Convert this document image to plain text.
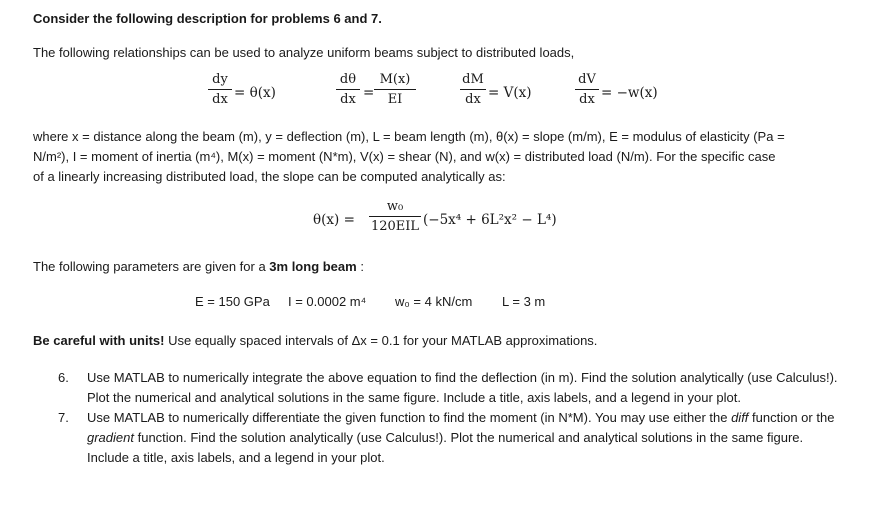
Consider the following description for problems 6 and 7.
The following relationships can be used to analyze uniform beams subject to distributed loads,
dy
dx = θ(x)
dθ
dx =
M(x)
EI
dM
dx = V(x)
dV
dx = −w(x)
where x = distance along the beam (m), y = deflection (m), L = beam length (m), θ(x) = slope (m/m), E = modulus of elasticity (Pa =
N/m²), I = moment of inertia (m⁴), M(x) = moment (N*m), V(x) = shear (N), and w(x) = distributed load (N/m). For the specific case
of a linearly increasing distributed load, the slope can be computed analytically as:
θ(x) =
w₀
120EIL (−5x⁴ + 6L²x² − L⁴)
The following parameters are given for a 3m long beam :
E = 150 GPa I = 0.0002 m⁴ w₀ = 4 kN/cm L = 3 m
Be careful with units! Use equally spaced intervals of Δx = 0.1 for your MATLAB approximations.
6. Use MATLAB to numerically integrate the above equation to find the deflection (in m). Find the solution analytically (use Calculus!). Plot the numerical and analytical solutions in the same figure. Include a title, axis labels, and a legend in your plot.
7. Use MATLAB to numerically differentiate the given function to find the moment (in N*M). You may use either the diff function or the gradient function. Find the solution analytically (use Calculus!). Plot the numerical and analytical solutions in the same figure. Include a title, axis labels, and a legend in your plot.
